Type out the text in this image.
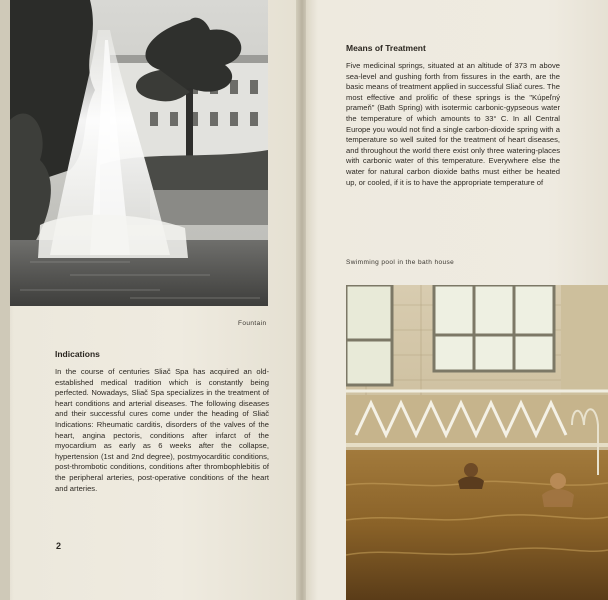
Fountain
Indications

In the course of centuries Sliač Spa has acquired an old-established medical tradition which is constantly being perfected. Nowadays, Sliač Spa specializes in the treatment of heart conditions and arterial diseases. The following diseases and their successful cures come under the heading of Sliač Indications: Rheumatic carditis, disorders of the valves of the heart, angina pectoris, conditions after infarct of the myocardium as early as 6 weeks after the collapse, hypertension (1st and 2nd degree), postmyocarditic conditions, post-thrombotic conditions, conditions after thrombophlebitis of the peripheral arteries, post-operative conditions of the heart and arteries.

2
Means of Treatment

Five medicinal springs, situated at an altitude of 373 m above sea-level and gushing forth from fissures in the earth, are the basic means of treatment applied in successful Sliač cures. The most effective and prolific of these springs is the "Kúpeľný prameň" (Bath Spring) with isotermic carbonic-gypseous water the temperature of which amounts to 33° C. In all Central Europe you would not find a single carbon-dioxide spring with a temperature so well suited for the treatment of heart diseases, and throughout the world there exist only three watering-places with carbonic water of this temperature. Everywhere else the water for natural carbon dioxide baths must either be heated up, or cooled, if it is to have the appropriate temperature of

Swimming pool in the bath house
